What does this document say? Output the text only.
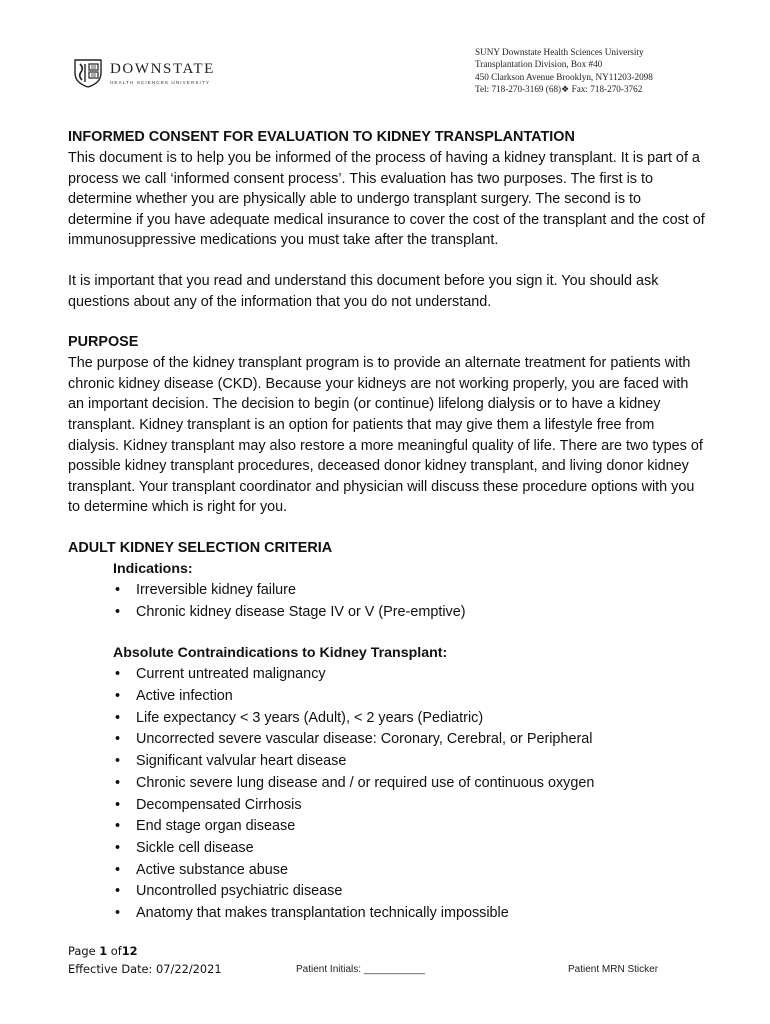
DOWNSTATE
HEALTH SCIENCES UNIVERSITY
SUNY Downstate Health Sciences University
Transplantation Division, Box #40
450 Clarkson Avenue Brooklyn, NY11203-2098
Tel: 718-270-3169 (68)❖ Fax: 718-270-3762
INFORMED CONSENT FOR EVALUATION TO KIDNEY TRANSPLANTATION

This document is to help you be informed of the process of having a kidney transplant. It is part of a process we call ‘informed consent process’. This evaluation has two purposes. The first is to determine whether you are physically able to undergo transplant surgery. The second is to determine if you have adequate medical insurance to cover the cost of the transplant and the cost of immunosuppressive medications you must take after the transplant.

It is important that you read and understand this document before you sign it. You should ask questions about any of the information that you do not understand.

PURPOSE

The purpose of the kidney transplant program is to provide an alternate treatment for patients with chronic kidney disease (CKD). Because your kidneys are not working properly, you are faced with an important decision. The decision to begin (or continue) lifelong dialysis or to have a kidney transplant. Kidney transplant is an option for patients that may give them a lifestyle free from dialysis. Kidney transplant may also restore a more meaningful quality of life. There are two types of possible kidney transplant procedures, deceased donor kidney transplant, and living donor kidney transplant. Your transplant coordinator and physician will discuss these procedure options with you to determine which is right for you.

ADULT KIDNEY SELECTION CRITERIA
Indications:
• Irreversible kidney failure
• Chronic kidney disease Stage IV or V (Pre-emptive)
Absolute Contraindications to Kidney Transplant:
• Current untreated malignancy
• Active infection
• Life expectancy < 3 years (Adult), < 2 years (Pediatric)
• Uncorrected severe vascular disease: Coronary, Cerebral, or Peripheral
• Significant valvular heart disease
• Chronic severe lung disease and / or required use of continuous oxygen
• Decompensated Cirrhosis
• End stage organ disease
• Sickle cell disease
• Active substance abuse
• Uncontrolled psychiatric disease
• Anatomy that makes transplantation technically impossible
Page 1 of12
Effective Date: 07/22/2021	Patient Initials: ___________	Patient MRN Sticker
